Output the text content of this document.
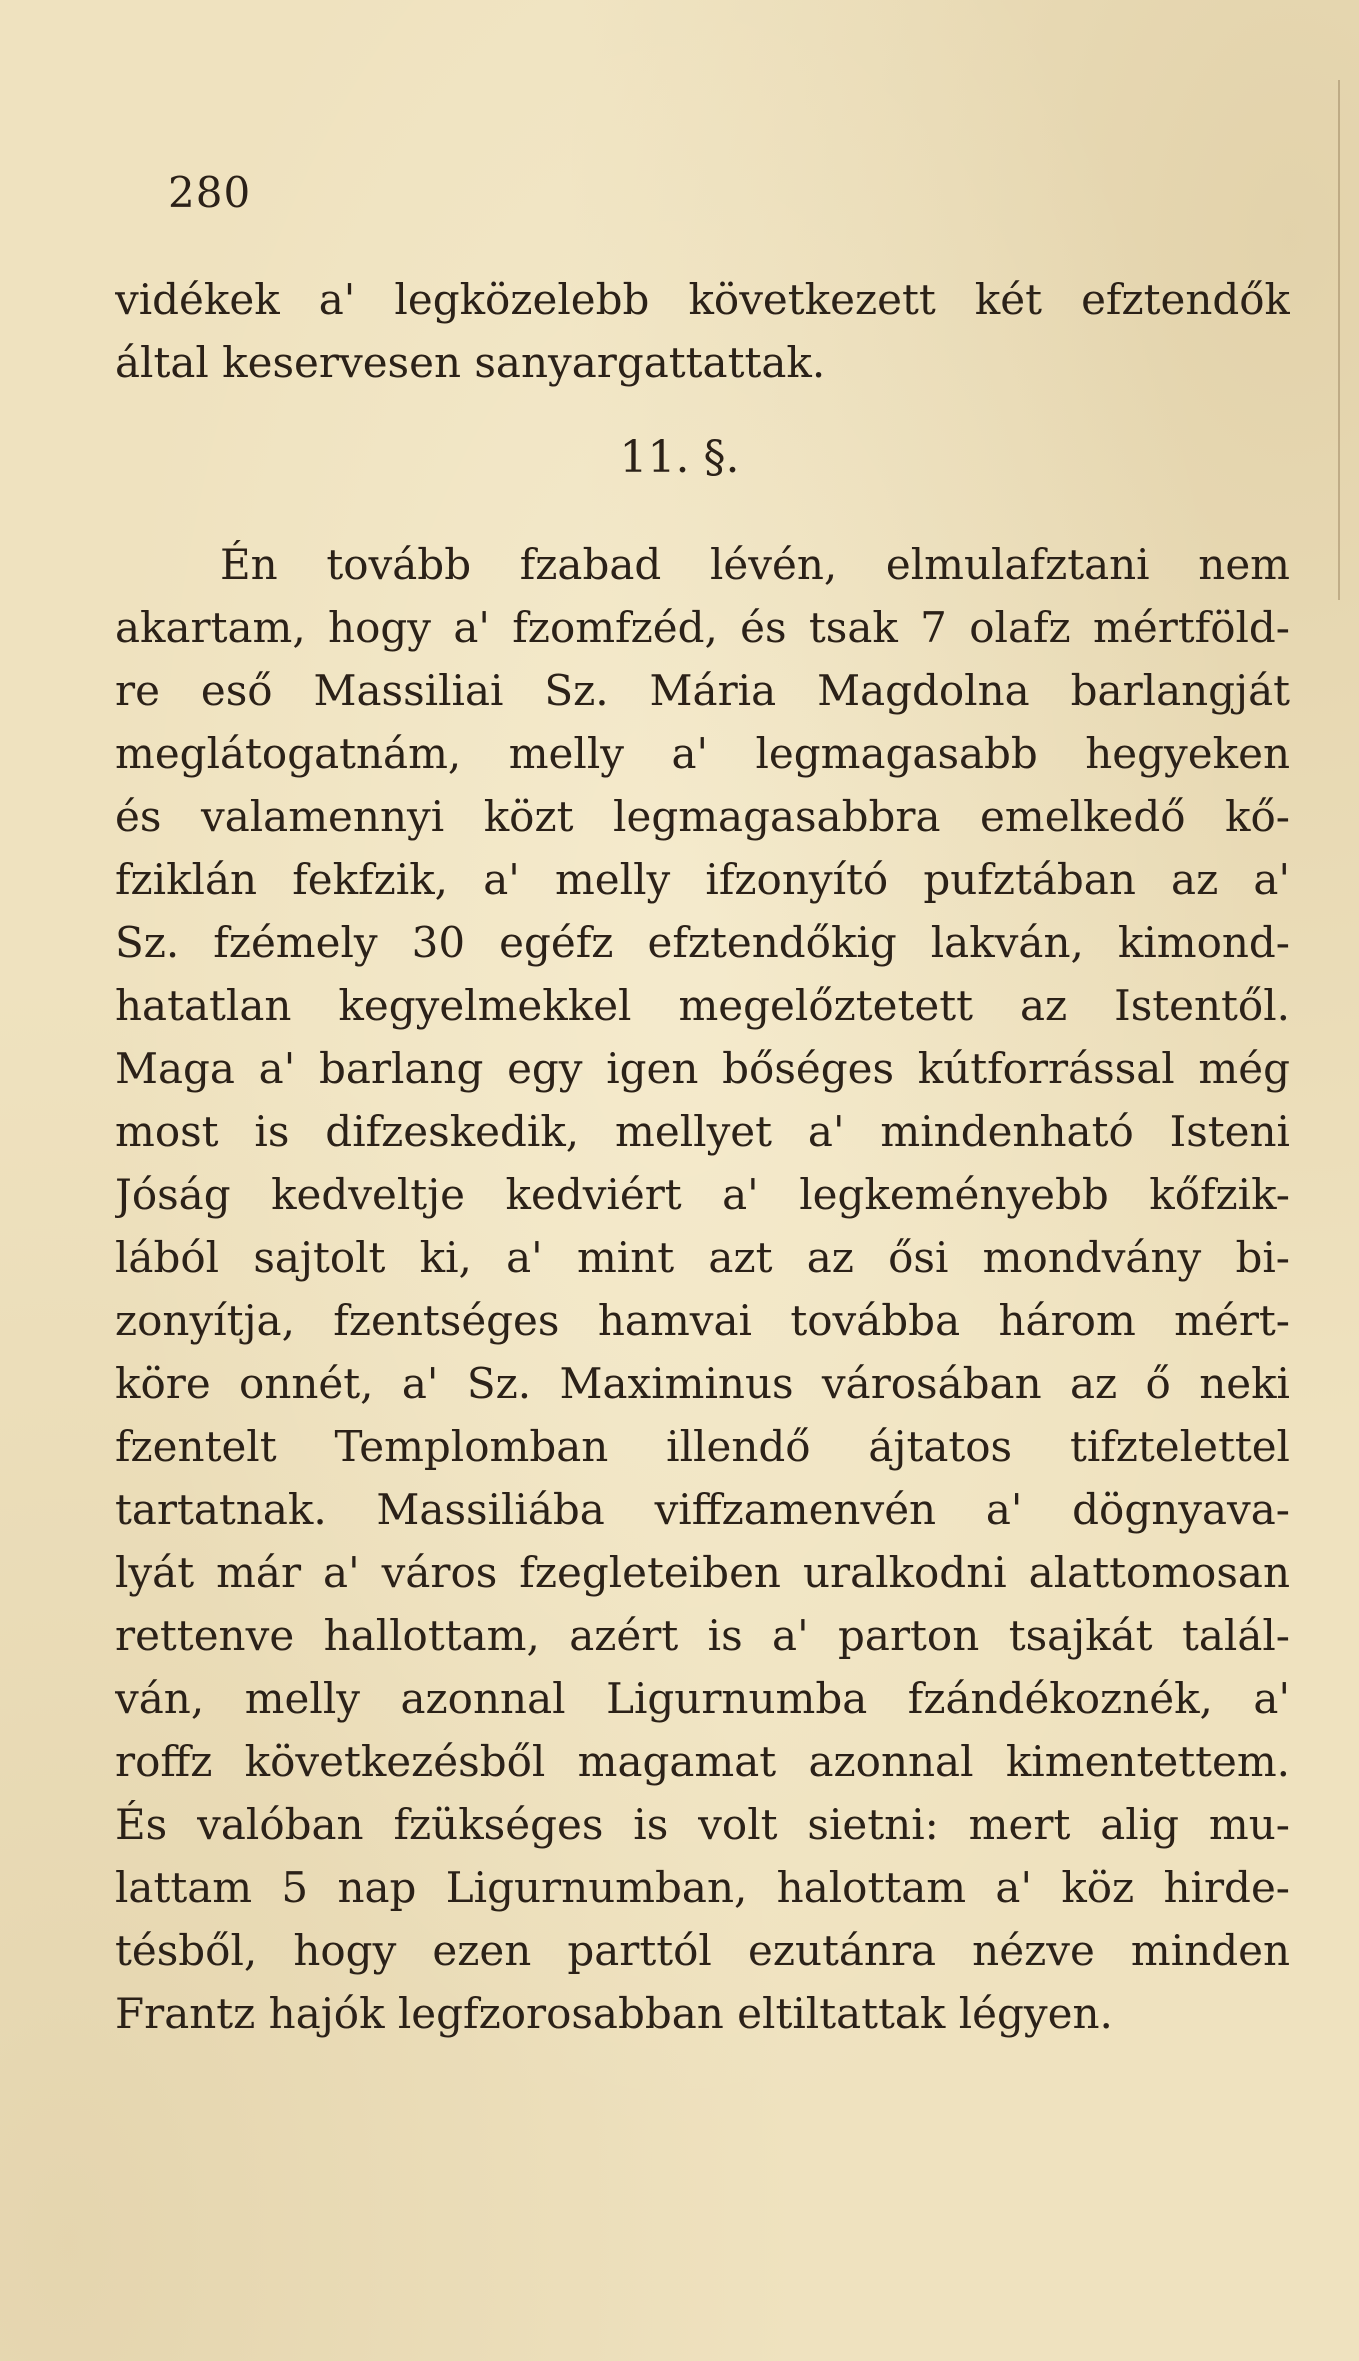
280
vidékek a' legközelebb következett két efztendők
által keservesen sanyargattattak.
11. §.
Én tovább fzabad lévén, elmulafztani nem
akartam, hogy a' fzomfzéd, és tsak 7 olafz mértföld-
re eső Massiliai Sz. Mária Magdolna barlangját
meglátogatnám, melly a' legmagasabb hegyeken
és valamennyi közt legmagasabbra emelkedő kő-
fziklán fekfzik, a' melly ifzonyító pufztában az a'
Sz. fzémely 30 egéfz efztendőkig lakván, kimond-
hatatlan kegyelmekkel megelőztetett az Istentől.
Maga a' barlang egy igen bőséges kútforrással még
most is difzeskedik, mellyet a' mindenható Isteni
Jóság kedveltje kedviért a' legkeményebb kőfzik-
lából sajtolt ki, a' mint azt az ősi mondvány bi-
zonyítja, fzentséges hamvai továbba három mért-
köre onnét, a' Sz. Maximinus városában az ő neki
fzentelt Templomban illendő ájtatos tifztelettel
tartatnak. Massiliába viffzamenvén a' dögnyava-
lyát már a' város fzegleteiben uralkodni alattomosan
rettenve hallottam, azért is a' parton tsajkát talál-
ván, melly azonnal Ligurnumba fzándékoznék, a'
roffz következésből magamat azonnal kimentettem.
És valóban fzükséges is volt sietni: mert alig mu-
lattam 5 nap Ligurnumban, halottam a' köz hirde-
tésből, hogy ezen parttól ezutánra nézve minden
Frantz hajók legfzorosabban eltiltattak légyen.
